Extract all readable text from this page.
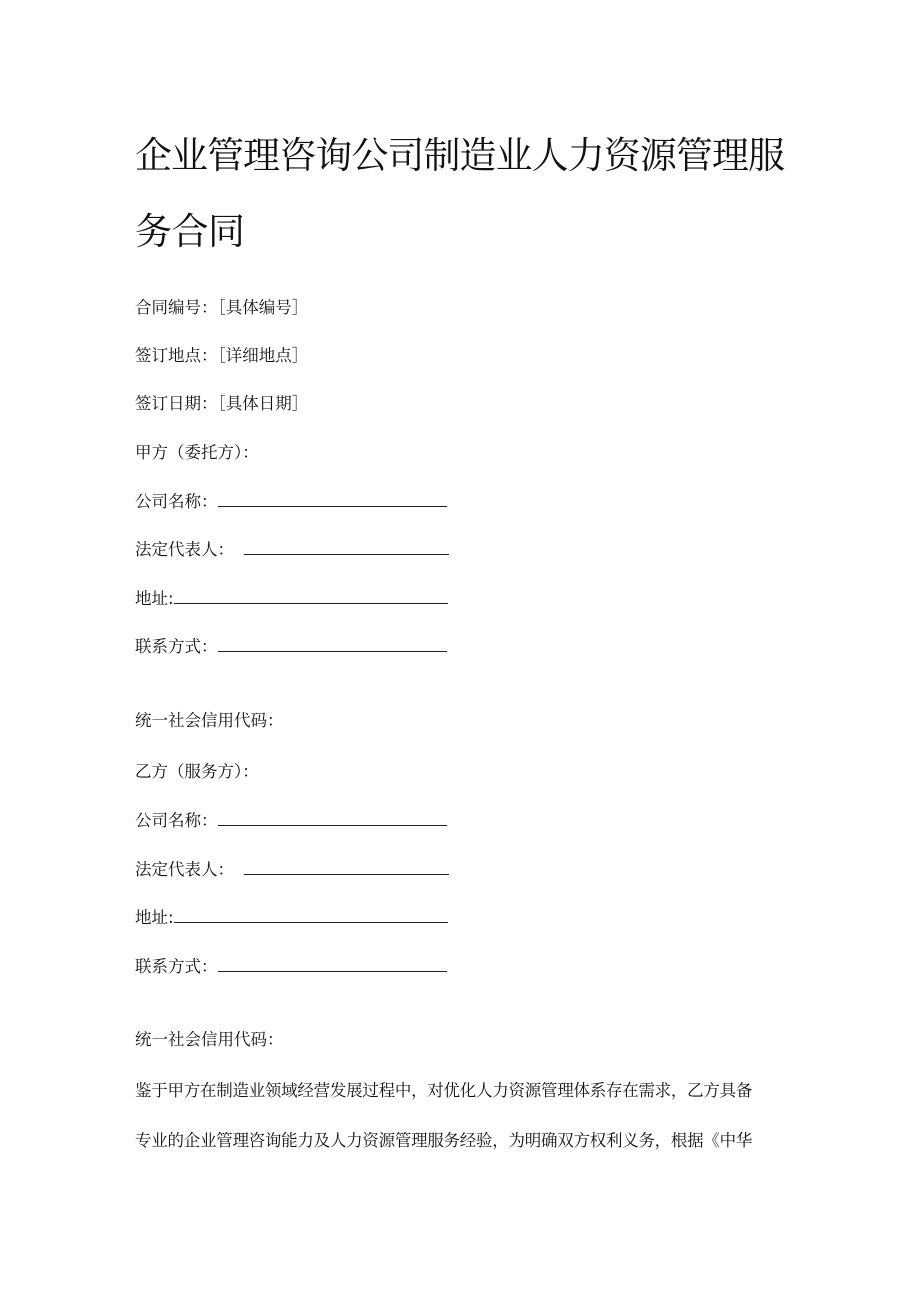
企业管理咨询公司制造业人力资源管理服
务合同
合同编号：［具体编号］
签订地点：［详细地点］
签订日期：［具体日期］
甲方（委托方）：
公司名称：
法定代表人：
地址:
联系方式：
统一社会信用代码：
乙方（服务方）：
公司名称：
法定代表人：
地址:
联系方式：
统一社会信用代码：
鉴于甲方在制造业领域经营发展过程中，对优化人力资源管理体系存在需求，乙方具备
专业的企业管理咨询能力及人力资源管理服务经验，为明确双方权利义务，根据《中华
